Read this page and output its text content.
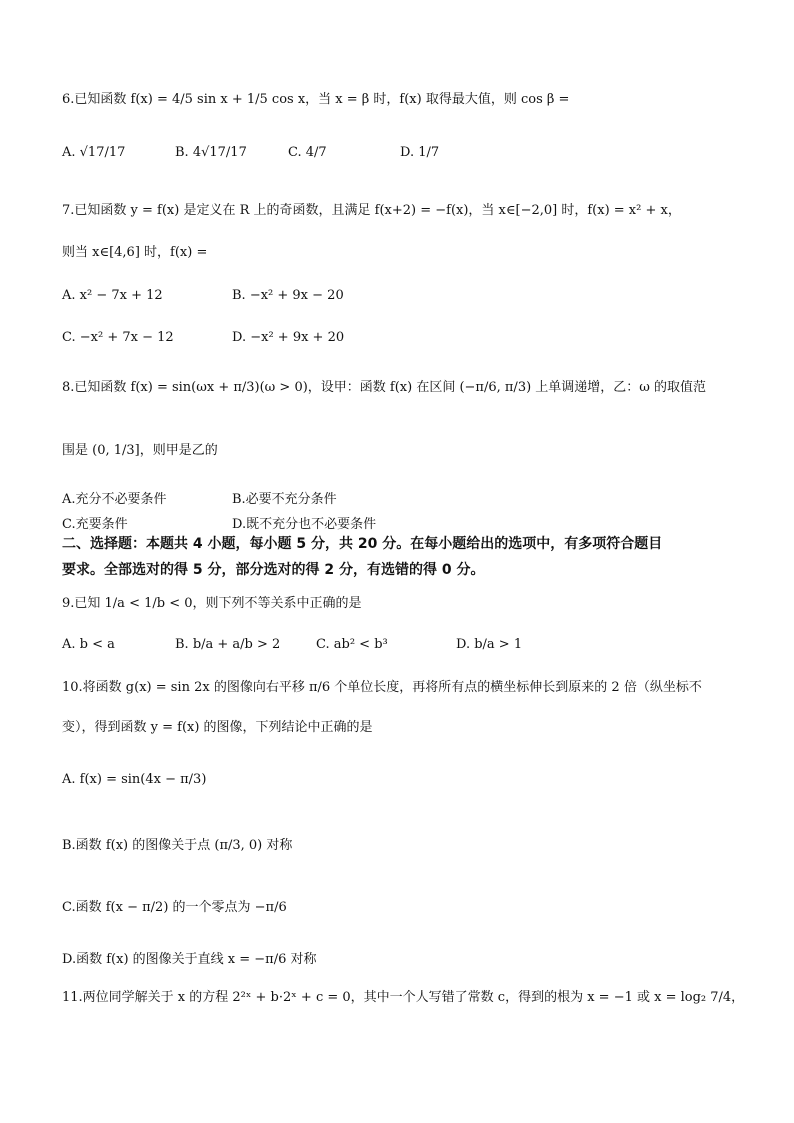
6.已知函数 f(x) = 4/5 sin x + 1/5 cos x，当 x = β 时，f(x) 取得最大值，则 cos β =
A. √17/17	B. 4√17/17	C. 4/7	D. 1/7
7.已知函数 y = f(x) 是定义在 R 上的奇函数，且满足 f(x+2) = −f(x)，当 x∈[−2,0] 时，f(x) = x² + x，
则当 x∈[4,6] 时，f(x) =
A. x² − 7x + 12	B. −x² + 9x − 20
C. −x² + 7x − 12	D. −x² + 9x + 20
8.已知函数 f(x) = sin(ωx + π/3)(ω > 0)，设甲：函数 f(x) 在区间 (−π/6, π/3) 上单调递增，乙：ω 的取值范
围是 (0, 1/3]，则甲是乙的
A.充分不必要条件	B.必要不充分条件
C.充要条件	D.既不充分也不必要条件
二、选择题：本题共 4 小题，每小题 5 分，共 20 分。在每小题给出的选项中，有多项符合题目
要求。全部选对的得 5 分，部分选对的得 2 分，有选错的得 0 分。
9.已知 1/a < 1/b < 0，则下列不等关系中正确的是
A. b < a	B. b/a + a/b > 2	C. ab² < b³	D. b/a > 1
10.将函数 g(x) = sin 2x 的图像向右平移 π/6 个单位长度，再将所有点的横坐标伸长到原来的 2 倍（纵坐标不
变），得到函数 y = f(x) 的图像，下列结论中正确的是
A. f(x) = sin(4x − π/3)
B.函数 f(x) 的图像关于点 (π/3, 0) 对称
C.函数 f(x − π/2) 的一个零点为 −π/6
D.函数 f(x) 的图像关于直线 x = −π/6 对称
11.两位同学解关于 x 的方程 2²ˣ + b·2ˣ + c = 0，其中一个人写错了常数 c，得到的根为 x = −1 或 x = log₂ 7/4，
